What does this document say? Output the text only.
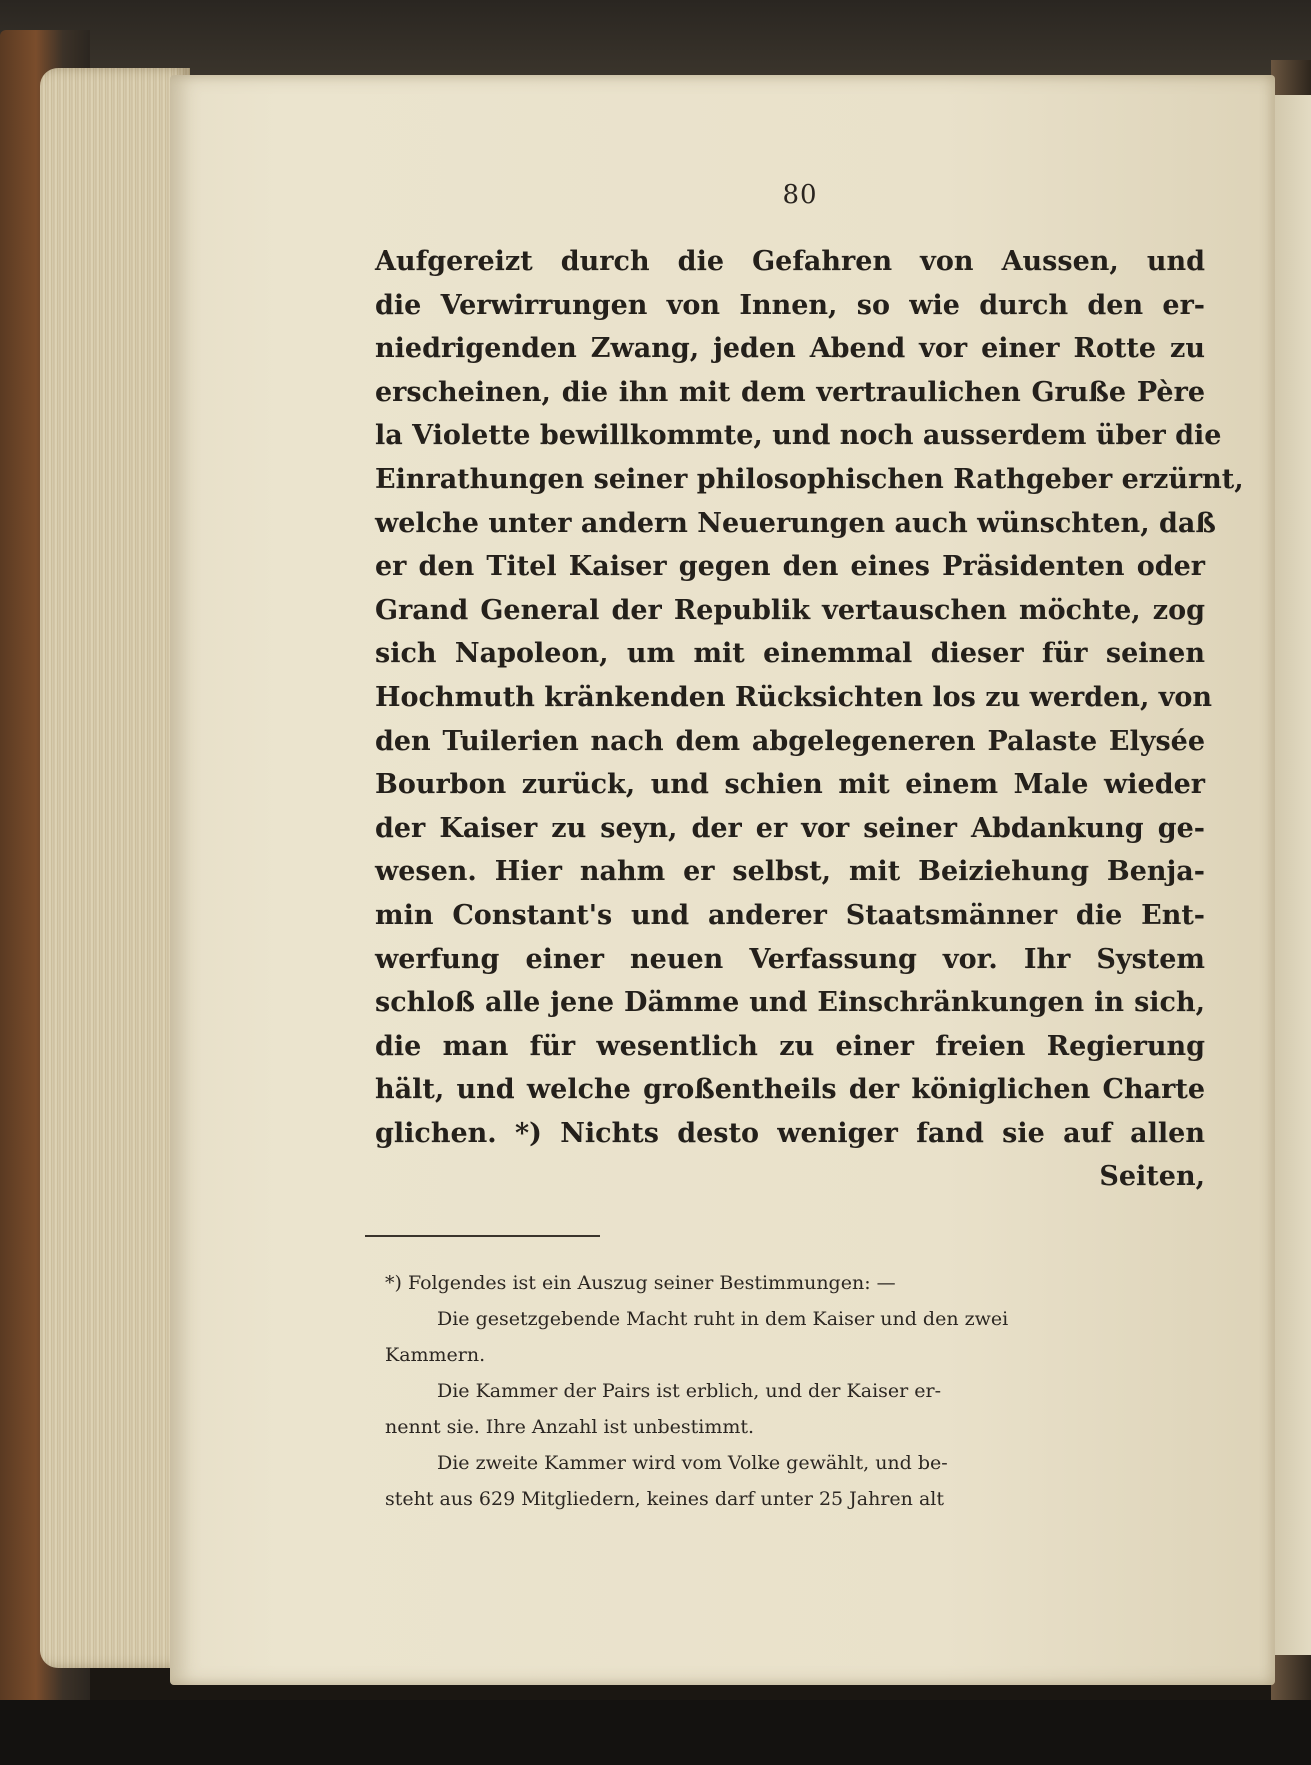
80
Aufgereizt durch die Gefahren von Aussen, und
die Verwirrungen von Innen, so wie durch den er-
niedrigenden Zwang, jeden Abend vor einer Rotte zu
erscheinen, die ihn mit dem vertraulichen Gruße Père
la Violette bewillkommte, und noch ausserdem über die
Einrathungen seiner philosophischen Rathgeber erzürnt,
welche unter andern Neuerungen auch wünschten, daß
er den Titel Kaiser gegen den eines Präsidenten oder
Grand General der Republik vertauschen möchte, zog
sich Napoleon, um mit einemmal dieser für seinen
Hochmuth kränkenden Rücksichten los zu werden, von
den Tuilerien nach dem abgelegeneren Palaste Elysée
Bourbon zurück, und schien mit einem Male wieder
der Kaiser zu seyn, der er vor seiner Abdankung ge-
wesen. Hier nahm er selbst, mit Beiziehung Benja-
min Constant's und anderer Staatsmänner die Ent-
werfung einer neuen Verfassung vor. Ihr System
schloß alle jene Dämme und Einschränkungen in sich,
die man für wesentlich zu einer freien Regierung
hält, und welche großentheils der königlichen Charte
glichen. *) Nichts desto weniger fand sie auf allen
Seiten,
*) Folgendes ist ein Auszug seiner Bestimmungen: —
Die gesetzgebende Macht ruht in dem Kaiser und den zwei
Kammern.
Die Kammer der Pairs ist erblich, und der Kaiser er-
nennt sie. Ihre Anzahl ist unbestimmt.
Die zweite Kammer wird vom Volke gewählt, und be-
steht aus 629 Mitgliedern, keines darf unter 25 Jahren alt
